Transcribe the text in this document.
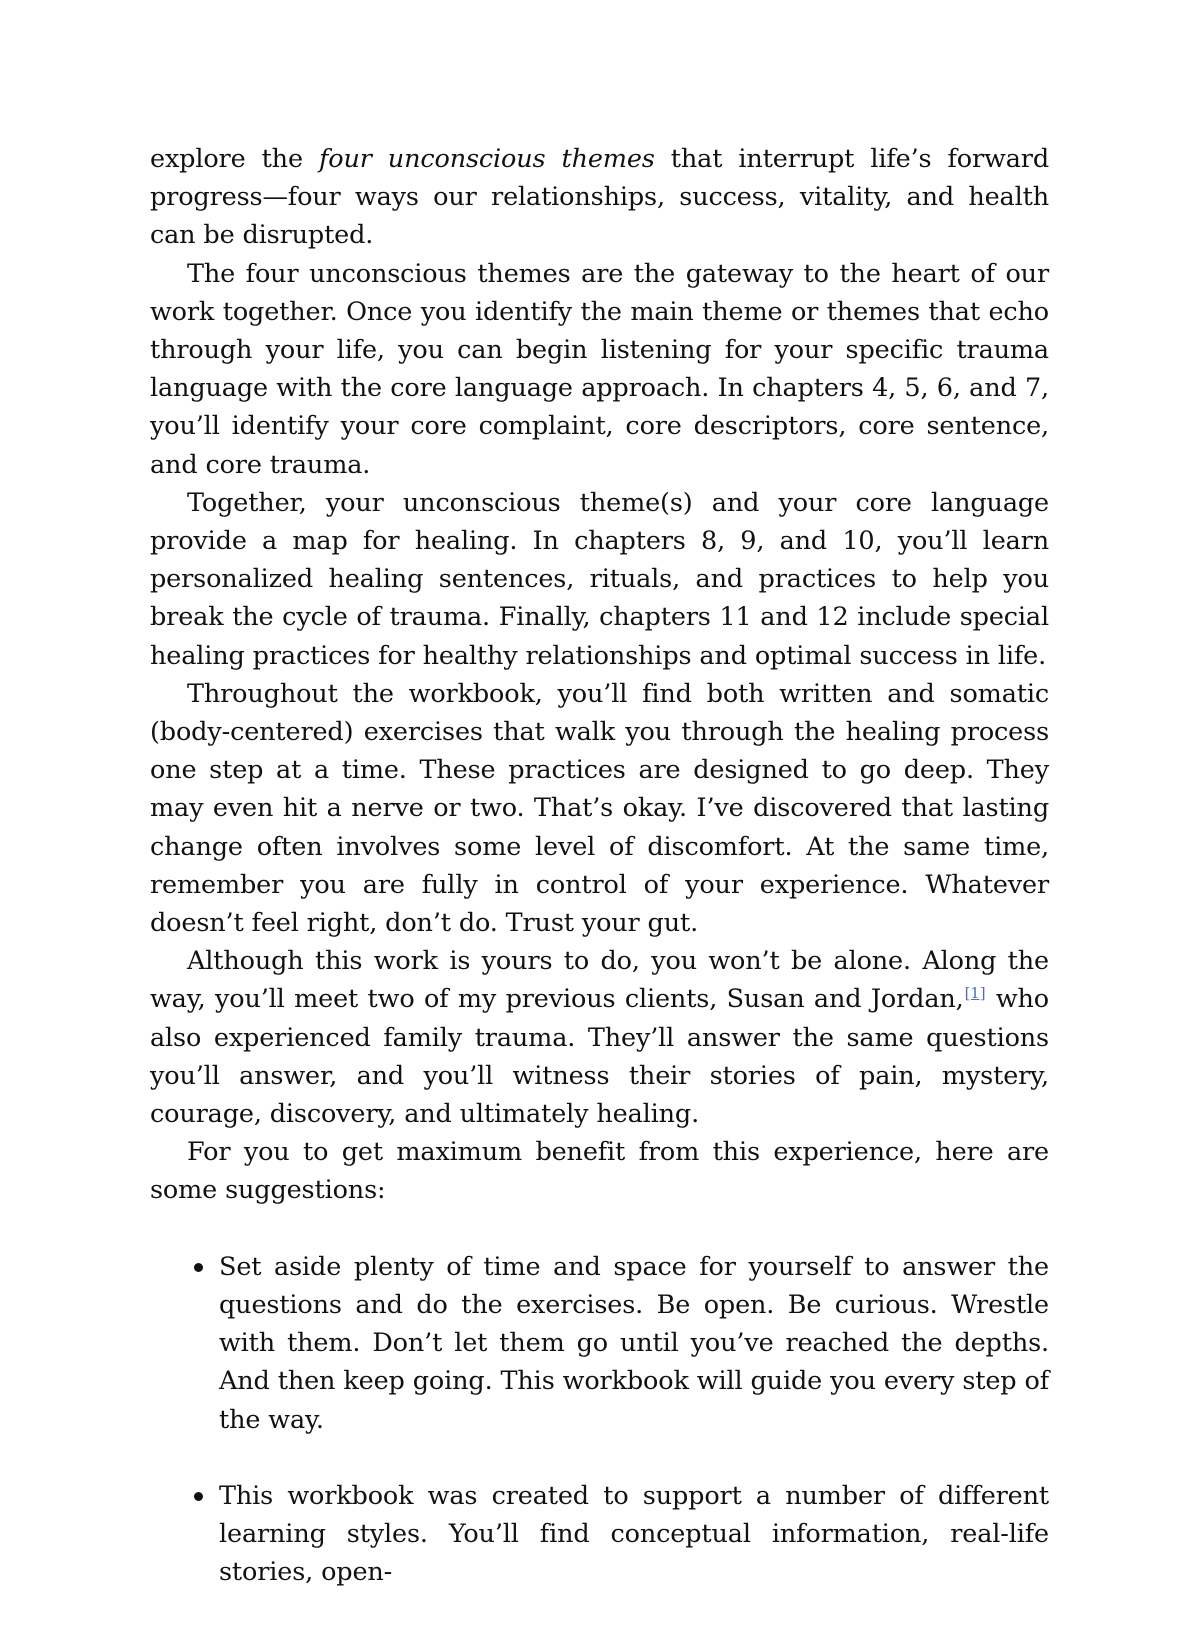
explore the four unconscious themes that interrupt life’s forward progress—four ways our relationships, success, vitality, and health can be disrupted.

The four unconscious themes are the gateway to the heart of our work together. Once you identify the main theme or themes that echo through your life, you can begin listening for your specific trauma language with the core language approach. In chapters 4, 5, 6, and 7, you’ll identify your core complaint, core descriptors, core sentence, and core trauma.

Together, your unconscious theme(s) and your core language provide a map for healing. In chapters 8, 9, and 10, you’ll learn personalized healing sentences, rituals, and practices to help you break the cycle of trauma. Finally, chapters 11 and 12 include special healing practices for healthy relationships and optimal success in life.

Throughout the workbook, you’ll find both written and somatic (body-centered) exercises that walk you through the healing process one step at a time. These practices are designed to go deep. They may even hit a nerve or two. That’s okay. I’ve discovered that lasting change often involves some level of discomfort. At the same time, remember you are fully in control of your experience. Whatever doesn’t feel right, don’t do. Trust your gut.

Although this work is yours to do, you won’t be alone. Along the way, you’ll meet two of my previous clients, Susan and Jordan,[1] who also experienced family trauma. They’ll answer the same questions you’ll answer, and you’ll witness their stories of pain, mystery, courage, discovery, and ultimately healing.

For you to get maximum benefit from this experience, here are some suggestions:

Set aside plenty of time and space for yourself to answer the questions and do the exercises. Be open. Be curious. Wrestle with them. Don’t let them go until you’ve reached the depths. And then keep going. This workbook will guide you every step of the way.
This workbook was created to support a number of different learning styles. You’ll find conceptual information, real-life stories, open-
